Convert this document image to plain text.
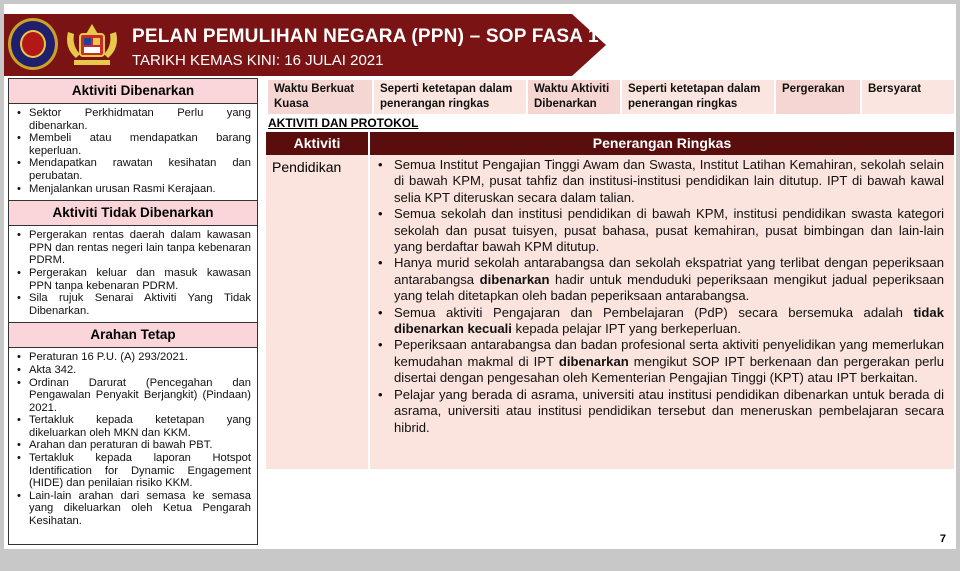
PELAN PEMULIHAN NEGARA (PPN) – SOP FASA 1
TARIKH KEMAS KINI: 16 JULAI 2021
Aktiviti Dibenarkan
• Sektor Perkhidmatan Perlu yang dibenarkan.
• Membeli atau mendapatkan barang keperluan.
• Mendapatkan rawatan kesihatan dan perubatan.
• Menjalankan urusan Rasmi Kerajaan.
Aktiviti Tidak Dibenarkan
• Pergerakan rentas daerah dalam kawasan PPN dan rentas negeri lain tanpa kebenaran PDRM.
• Pergerakan keluar dan masuk kawasan PPN tanpa kebenaran PDRM.
• Sila rujuk Senarai Aktiviti Yang Tidak Dibenarkan.
Arahan Tetap
• Peraturan 16 P.U. (A) 293/2021.
• Akta 342.
• Ordinan Darurat (Pencegahan dan Pengawalan Penyakit Berjangkit) (Pindaan) 2021.
• Tertakluk kepada ketetapan yang dikeluarkan oleh MKN dan KKM.
• Arahan dan peraturan di bawah PBT.
• Tertakluk kepada laporan Hotspot Identification for Dynamic Engagement (HIDE) dan penilaian risiko KKM.
• Lain-lain arahan dari semasa ke semasa yang dikeluarkan oleh Ketua Pengarah Kesihatan.
Waktu Berkuat Kuasa
Seperti ketetapan dalam penerangan ringkas
Waktu Aktiviti Dibenarkan
Seperti ketetapan dalam penerangan ringkas
Pergerakan	Bersyarat
AKTIVITI DAN PROTOKOL
Aktiviti	Penerangan Ringkas
Pendidikan
•	Semua Institut Pengajian Tinggi Awam dan Swasta, Institut Latihan Kemahiran, sekolah selain di bawah KPM, pusat tahfiz dan institusi-institusi pendidikan lain ditutup. IPT di bawah kawal selia KPT diteruskan secara dalam talian.
• Semua sekolah dan institusi pendidikan di bawah KPM, institusi pendidikan swasta kategori sekolah dan pusat tuisyen, pusat bahasa, pusat kemahiran, pusat bimbingan dan lain-lain yang berdaftar bawah KPM ditutup.
• Hanya murid sekolah antarabangsa dan sekolah ekspatriat yang terlibat dengan peperiksaan antarabangsa dibenarkan hadir untuk menduduki peperiksaan mengikut jadual peperiksaan yang telah ditetapkan oleh badan peperiksaan antarabangsa.
• Semua aktiviti Pengajaran dan Pembelajaran (PdP) secara bersemuka adalah tidak dibenarkan kecuali kepada pelajar IPT yang berkeperluan.
• Peperiksaan antarabangsa dan badan profesional serta aktiviti penyelidikan yang memerlukan kemudahan makmal di IPT dibenarkan mengikut SOP IPT berkenaan dan pergerakan perlu disertai dengan pengesahan oleh Kementerian Pengajian Tinggi (KPT) atau IPT berkaitan.
• Pelajar yang berada di asrama, universiti atau institusi pendidikan dibenarkan untuk berada di asrama, universiti atau institusi pendidikan tersebut dan meneruskan pembelajaran secara hibrid.
7
